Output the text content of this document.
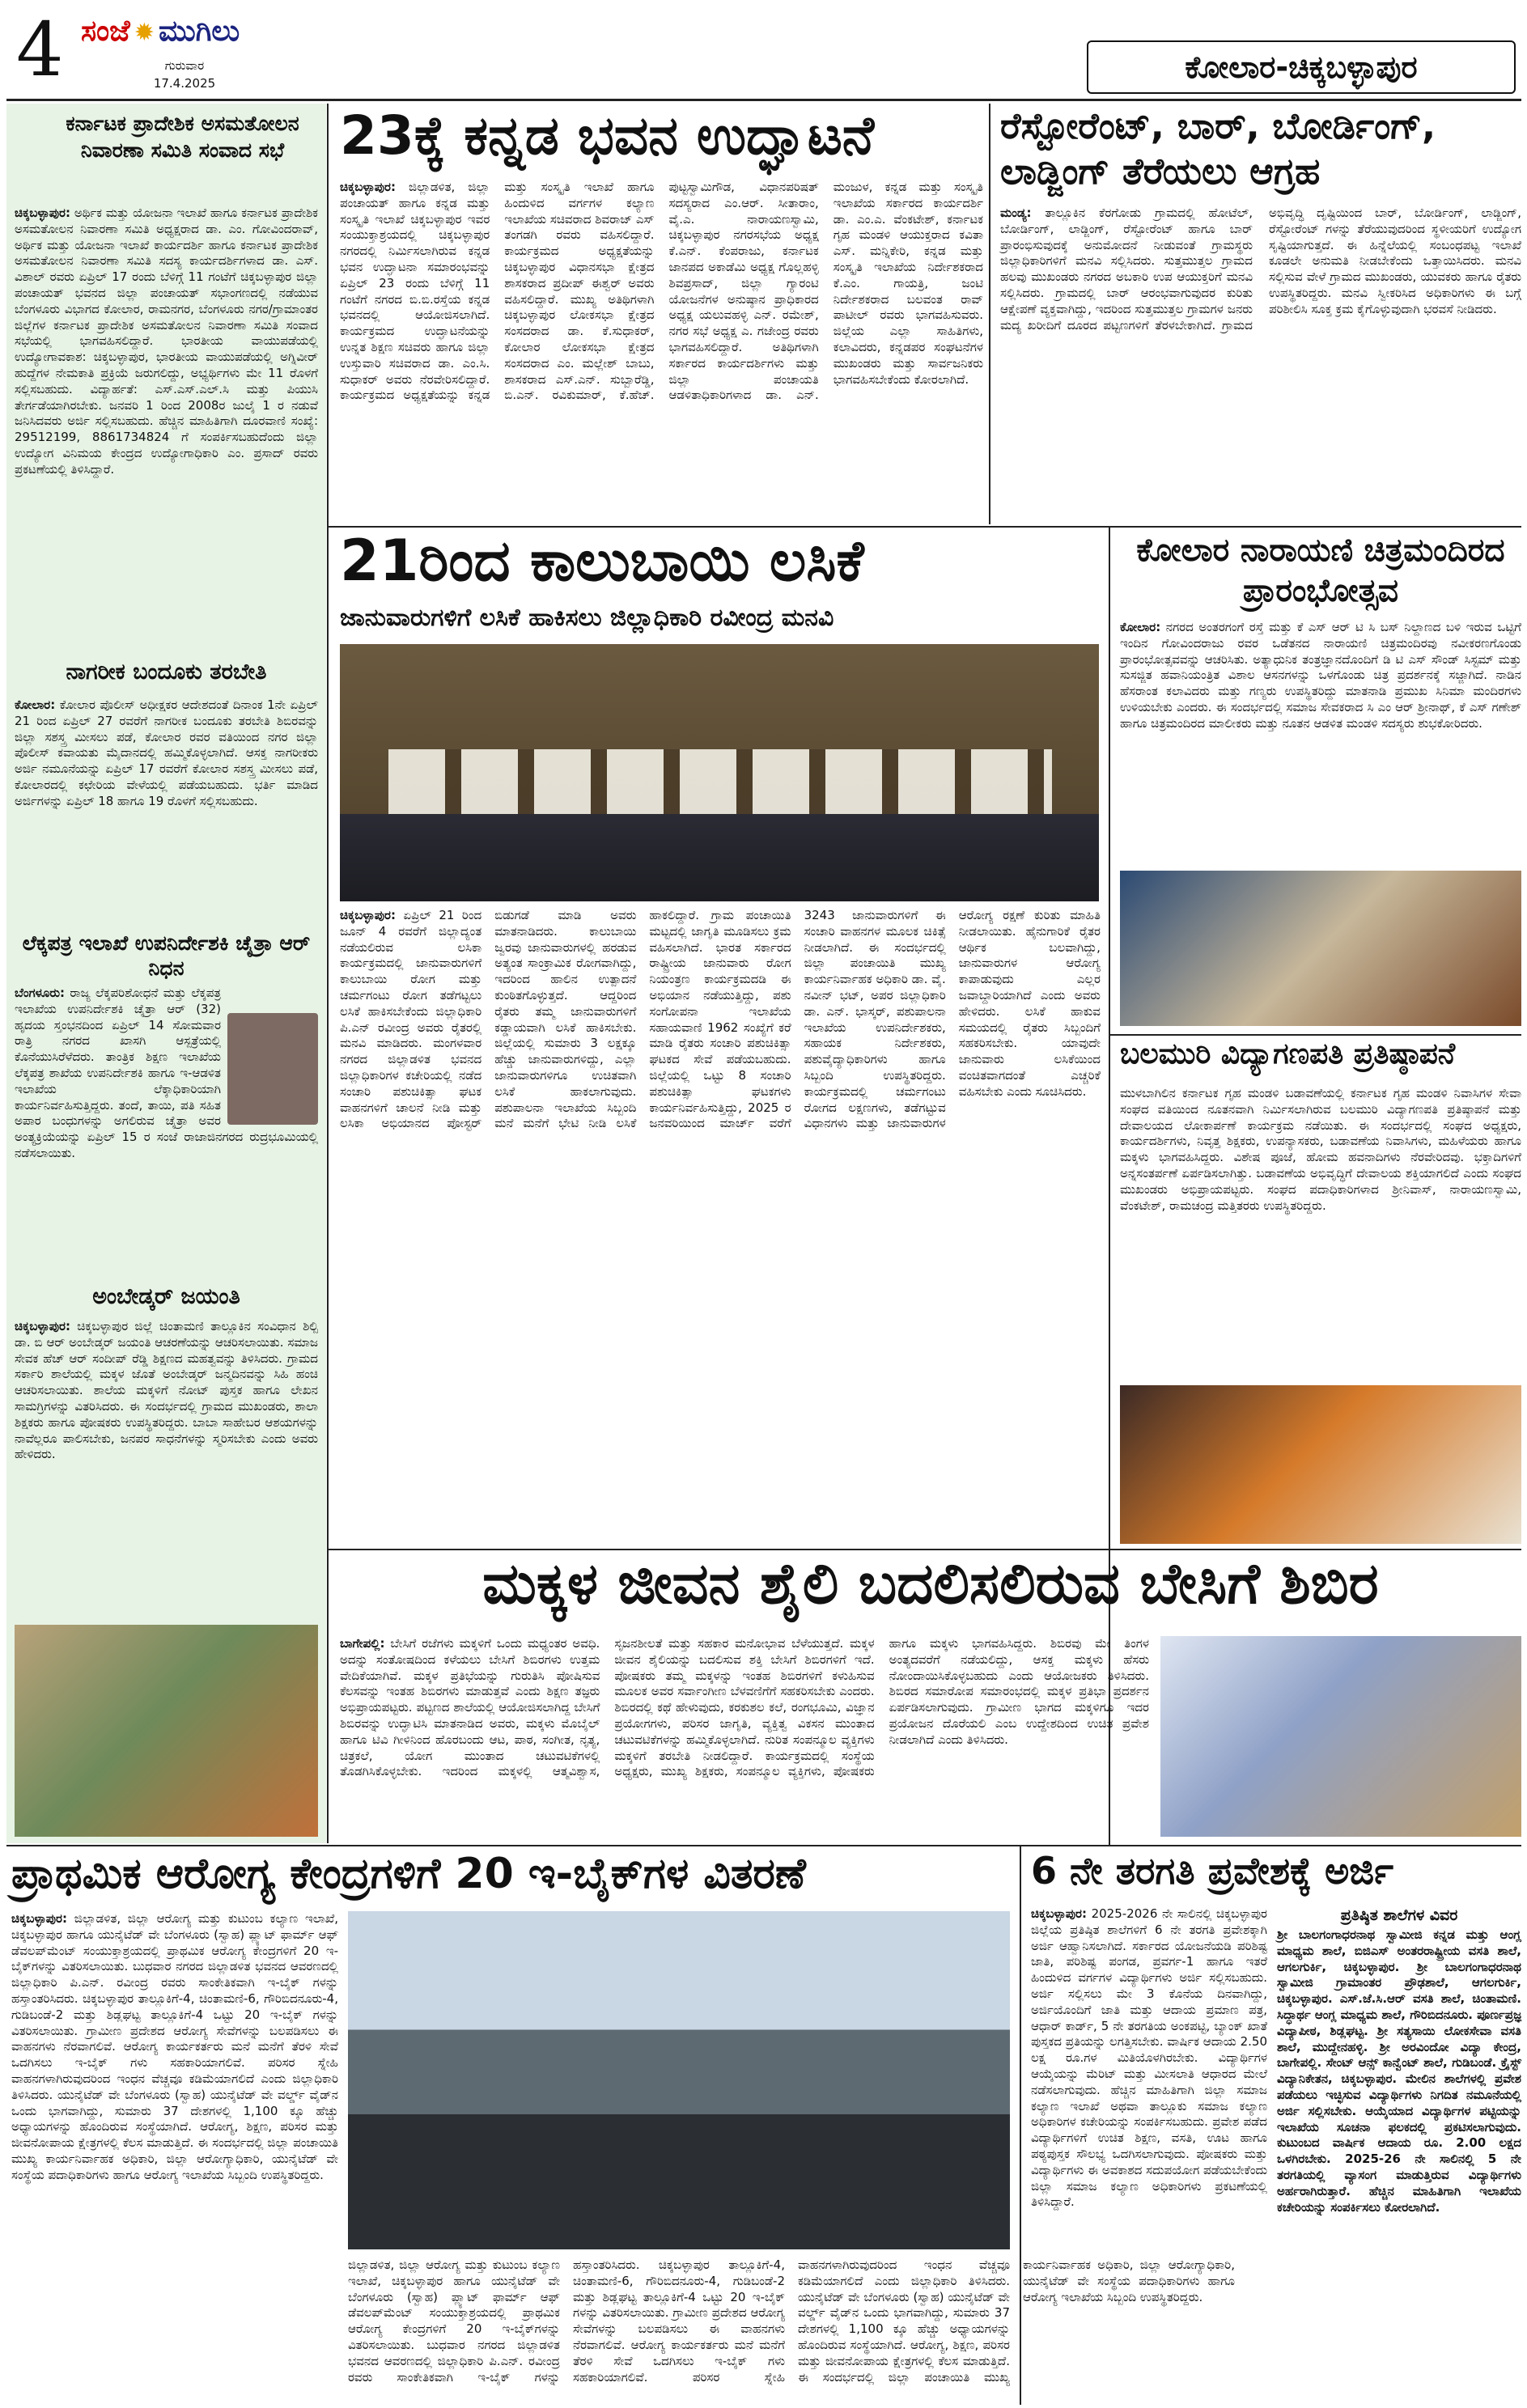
4 ಸಂಜೆ ✹ ಮುಗಿಲು
ಗುರುವಾರ
17.4.2025	ಕೋಲಾರ-ಚಿಕ್ಕಬಳ್ಳಾಪುರ
ಕರ್ನಾಟಕ ಪ್ರಾದೇಶಿಕ ಅಸಮತೋಲನ ನಿವಾರಣಾ ಸಮಿತಿ ಸಂವಾದ ಸಭೆ
ಚಿಕ್ಕಬಳ್ಳಾಪುರ: ಅರ್ಥಿಕ ಮತ್ತು ಯೋಜನಾ ಇಲಾಖೆ ಹಾಗೂ ಕರ್ನಾಟಕ ಪ್ರಾದೇಶಿಕ ಅಸಮತೋಲನ ನಿವಾರಣಾ ಸಮಿತಿ ಅಧ್ಯಕ್ಷರಾದ ಡಾ. ಎಂ. ಗೋವಿಂದರಾವ್, ಅರ್ಥಿಕ ಮತ್ತು ಯೋಜನಾ ಇಲಾಖೆ ಕಾರ್ಯದರ್ಶಿ ಹಾಗೂ ಕರ್ನಾಟಕ ಪ್ರಾದೇಶಿಕ ಅಸಮತೋಲನ ನಿವಾರಣಾ ಸಮಿತಿ ಸದಸ್ಯ ಕಾರ್ಯದರ್ಶಿಗಳಾದ ಡಾ. ಎಸ್. ವಿಶಾಲ್ ರವರು ಏಪ್ರಿಲ್ 17 ರಂದು ಬೆಳಿಗ್ಗೆ 11 ಗಂಟೆಗೆ ಚಿಕ್ಕಬಳ್ಳಾಪುರ ಜಿಲ್ಲಾ ಪಂಚಾಯತ್ ಭವನದ ಜಿಲ್ಲಾ ಪಂಚಾಯತ್ ಸಭಾಂಗಣದಲ್ಲಿ ನಡೆಯುವ ಬೆಂಗಳೂರು ವಿಭಾಗದ ಕೋಲಾರ, ರಾಮನಗರ, ಬೆಂಗಳೂರು ನಗರ/ಗ್ರಾಮಾಂತರ ಜಿಲ್ಲೆಗಳ ಕರ್ನಾಟಕ ಪ್ರಾದೇಶಿಕ ಅಸಮತೋಲನ ನಿವಾರಣಾ ಸಮಿತಿ ಸಂವಾದ ಸಭೆಯಲ್ಲಿ ಭಾಗವಹಿಸಲಿದ್ದಾರೆ. ಭಾರತೀಯ ವಾಯುಪಡೆಯಲ್ಲಿ ಉದ್ಯೋಗಾವಕಾಶ: ಚಿಕ್ಕಬಳ್ಳಾಪುರ, ಭಾರತೀಯ ವಾಯುಪಡೆಯಲ್ಲಿ ಅಗ್ನಿವೀರ್ ಹುದ್ದೆಗಳ ನೇಮಕಾತಿ ಪ್ರಕ್ರಿಯೆ ಜರುಗಲಿದ್ದು, ಅಭ್ಯರ್ಥಿಗಳು ಮೇ 11 ರೊಳಗೆ ಸಲ್ಲಿಸಬಹುದು. ವಿದ್ಯಾರ್ಹತೆ: ಎಸ್.ಎಸ್.ಎಲ್.ಸಿ ಮತ್ತು ಪಿಯುಸಿ ತೇರ್ಗಡೆಯಾಗಿರಬೇಕು. ಜನವರಿ 1 ರಿಂದ 2008ರ ಜುಲೈ 1 ರ ನಡುವೆ ಜನಿಸಿದವರು ಅರ್ಜಿ ಸಲ್ಲಿಸಬಹುದು. ಹೆಚ್ಚಿನ ಮಾಹಿತಿಗಾಗಿ ದೂರವಾಣಿ ಸಂಖ್ಯೆ: 29512199, 8861734824 ಗೆ ಸಂಪರ್ಕಿಸಬಹುದೆಂದು ಜಿಲ್ಲಾ ಉದ್ಯೋಗ ವಿನಿಮಯ ಕೇಂದ್ರದ ಉದ್ಯೋಗಾಧಿಕಾರಿ ಎಂ. ಪ್ರಸಾದ್ ರವರು ಪ್ರಕಟಣೆಯಲ್ಲಿ ತಿಳಿಸಿದ್ದಾರೆ.
ನಾಗರೀಕ ಬಂದೂಕು ತರಬೇತಿ
ಕೋಲಾರ: ಕೋಲಾರ ಪೊಲೀಸ್ ಅಧೀಕ್ಷಕರ ಆದೇಶದಂತೆ ದಿನಾಂಕ 1ನೇ ಏಪ್ರಿಲ್ 21 ರಿಂದ ಏಪ್ರಿಲ್ 27 ರವರೆಗೆ ನಾಗರೀಕ ಬಂದೂಕು ತರಬೇತಿ ಶಿಬಿರವನ್ನು ಜಿಲ್ಲಾ ಸಶಸ್ತ್ರ ಮೀಸಲು ಪಡೆ, ಕೋಲಾರ ರವರ ವತಿಯಿಂದ ನಗರ ಜಿಲ್ಲಾ ಪೊಲೀಸ್ ಕವಾಯತು ಮೈದಾನದಲ್ಲಿ ಹಮ್ಮಿಕೊಳ್ಳಲಾಗಿದೆ. ಆಸಕ್ತ ನಾಗರೀಕರು ಅರ್ಜಿ ನಮೂನೆಯನ್ನು ಏಪ್ರಿಲ್ 17 ರವರೆಗೆ ಕೋಲಾರ ಸಶಸ್ತ್ರ ಮೀಸಲು ಪಡೆ, ಕೋಲಾರದಲ್ಲಿ ಕಛೇರಿಯ ವೇಳೆಯಲ್ಲಿ ಪಡೆಯಬಹುದು. ಭರ್ತಿ ಮಾಡಿದ ಅರ್ಜಿಗಳನ್ನು ಏಪ್ರಿಲ್ 18 ಹಾಗೂ 19 ರೊಳಗೆ ಸಲ್ಲಿಸಬಹುದು.
ಲೆಕ್ಕಪತ್ರ ಇಲಾಖೆ ಉಪನಿರ್ದೇಶಕಿ ಚೈತ್ರಾ ಆರ್ ನಿಧನ
ಬೆಂಗಳೂರು: ರಾಜ್ಯ ಲೆಕ್ಕಪರಿಶೋಧನೆ ಮತ್ತು ಲೆಕ್ಕಪತ್ರ ಇಲಾಖೆಯ ಉಪನಿರ್ದೇಶಕಿ ಚೈತ್ರಾ ಆರ್ (32) ಹೃದಯ ಸ್ತಂಭನದಿಂದ ಏಪ್ರಿಲ್ 14 ಸೋಮವಾರ ರಾತ್ರಿ ನಗರದ ಖಾಸಗಿ ಆಸ್ಪತ್ರೆಯಲ್ಲಿ ಕೊನೆಯುಸಿರೆಳೆದರು. ತಾಂತ್ರಿಕ ಶಿಕ್ಷಣ ಇಲಾಖೆಯ ಲೆಕ್ಕಪತ್ರ ಶಾಖೆಯ ಉಪನಿರ್ದೇಶಕಿ ಹಾಗೂ ಇ-ಆಡಳಿತ ಇಲಾಖೆಯ ಲೆಕ್ಕಾಧಿಕಾರಿಯಾಗಿ ಕಾರ್ಯನಿರ್ವಹಿಸುತ್ತಿದ್ದರು. ತಂದೆ, ತಾಯಿ, ಪತಿ ಸಹಿತ ಅಪಾರ ಬಂಧುಗಳನ್ನು ಅಗಲಿರುವ ಚೈತ್ರಾ ಅವರ ಅಂತ್ಯಕ್ರಿಯೆಯನ್ನು ಏಪ್ರಿಲ್ 15 ರ ಸಂಜೆ ರಾಜಾಜಿನಗರದ ರುದ್ರಭೂಮಿಯಲ್ಲಿ ನಡೆಸಲಾಯಿತು.
ಅಂಬೇಡ್ಕರ್ ಜಯಂತಿ
ಚಿಕ್ಕಬಳ್ಳಾಪುರ: ಚಿಕ್ಕಬಳ್ಳಾಪುರ ಜಿಲ್ಲೆ ಚಿಂತಾಮಣಿ ತಾಲ್ಲೂಕಿನ ಸಂವಿಧಾನ ಶಿಲ್ಪಿ ಡಾ. ಬಿ ಆರ್ ಅಂಬೇಡ್ಕರ್ ಜಯಂತಿ ಆಚರಣೆಯನ್ನು ಆಚರಿಸಲಾಯಿತು. ಸಮಾಜ ಸೇವಕ ಹೆಚ್ ಆರ್ ಸಂದೀಪ್ ರೆಡ್ಡಿ ಶಿಕ್ಷಣದ ಮಹತ್ವವನ್ನು ತಿಳಿಸಿದರು. ಗ್ರಾಮದ ಸರ್ಕಾರಿ ಶಾಲೆಯಲ್ಲಿ ಮಕ್ಕಳ ಜೊತೆ ಅಂಬೇಡ್ಕರ್ ಜನ್ಮದಿನವನ್ನು ಸಿಹಿ ಹಂಚಿ ಆಚರಿಸಲಾಯಿತು. ಶಾಲೆಯ ಮಕ್ಕಳಿಗೆ ನೋಟ್ ಪುಸ್ತಕ ಹಾಗೂ ಲೇಖನ ಸಾಮಗ್ರಿಗಳನ್ನು ವಿತರಿಸಿದರು. ಈ ಸಂದರ್ಭದಲ್ಲಿ ಗ್ರಾಮದ ಮುಖಂಡರು, ಶಾಲಾ ಶಿಕ್ಷಕರು ಹಾಗೂ ಪೋಷಕರು ಉಪಸ್ಥಿತರಿದ್ದರು. ಬಾಬಾ ಸಾಹೇಬರ ಆಶಯಗಳನ್ನು ನಾವೆಲ್ಲರೂ ಪಾಲಿಸಬೇಕು, ಜನಪರ ಸಾಧನೆಗಳನ್ನು ಸ್ಮರಿಸಬೇಕು ಎಂದು ಅವರು ಹೇಳಿದರು.
23ಕ್ಕೆ ಕನ್ನಡ ಭವನ ಉದ್ಘಾಟನೆ
ಚಿಕ್ಕಬಳ್ಳಾಪುರ: ಜಿಲ್ಲಾಡಳಿತ, ಜಿಲ್ಲಾ ಪಂಚಾಯತ್ ಹಾಗೂ ಕನ್ನಡ ಮತ್ತು ಸಂಸ್ಕೃತಿ ಇಲಾಖೆ ಚಿಕ್ಕಬಳ್ಳಾಪುರ ಇವರ ಸಂಯುಕ್ತಾಶ್ರಯದಲ್ಲಿ ಚಿಕ್ಕಬಳ್ಳಾಪುರ ನಗರದಲ್ಲಿ ನಿರ್ಮಿಸಲಾಗಿರುವ ಕನ್ನಡ ಭವನ ಉದ್ಘಾಟನಾ ಸಮಾರಂಭವನ್ನು ಏಪ್ರಿಲ್ 23 ರಂದು ಬೆಳಿಗ್ಗೆ 11 ಗಂಟೆಗೆ ನಗರದ ಬಿ.ಬಿ.ರಸ್ತೆಯ ಕನ್ನಡ ಭವನದಲ್ಲಿ ಆಯೋಜಿಸಲಾಗಿದೆ. ಕಾರ್ಯಕ್ರಮದ ಉದ್ಘಾಟನೆಯನ್ನು ಉನ್ನತ ಶಿಕ್ಷಣ ಸಚಿವರು ಹಾಗೂ ಜಿಲ್ಲಾ ಉಸ್ತುವಾರಿ ಸಚಿವರಾದ ಡಾ. ಎಂ.ಸಿ. ಸುಧಾಕರ್ ಅವರು ನೆರವೇರಿಸಲಿದ್ದಾರೆ. ಕಾರ್ಯಕ್ರಮದ ಅಧ್ಯಕ್ಷತೆಯನ್ನು ಕನ್ನಡ ಮತ್ತು ಸಂಸ್ಕೃತಿ ಇಲಾಖೆ ಹಾಗೂ ಹಿಂದುಳಿದ ವರ್ಗಗಳ ಕಲ್ಯಾಣ ಇಲಾಖೆಯ ಸಚಿವರಾದ ಶಿವರಾಜ್ ಎಸ್ ತಂಗಡಗಿ ರವರು ವಹಿಸಲಿದ್ದಾರೆ. ಕಾರ್ಯಕ್ರಮದ ಅಧ್ಯಕ್ಷತೆಯನ್ನು ಚಿಕ್ಕಬಳ್ಳಾಪುರ ವಿಧಾನಸಭಾ ಕ್ಷೇತ್ರದ ಶಾಸಕರಾದ ಪ್ರದೀಪ್ ಈಶ್ವರ್ ಅವರು ವಹಿಸಲಿದ್ದಾರೆ. ಮುಖ್ಯ ಅತಿಥಿಗಳಾಗಿ ಚಿಕ್ಕಬಳ್ಳಾಪುರ ಲೋಕಸಭಾ ಕ್ಷೇತ್ರದ ಸಂಸದರಾದ ಡಾ. ಕೆ.ಸುಧಾಕರ್, ಕೋಲಾರ ಲೋಕಸಭಾ ಕ್ಷೇತ್ರದ ಸಂಸದರಾದ ಎಂ. ಮಲ್ಲೇಶ್ ಬಾಬು, ಶಾಸಕರಾದ ಎಸ್.ಎನ್. ಸುಬ್ಬಾರೆಡ್ಡಿ, ಬಿ.ಎನ್. ರವಿಕುಮಾರ್, ಕೆ.ಹೆಚ್. ಪುಟ್ಟಸ್ವಾಮಿಗೌಡ, ವಿಧಾನಪರಿಷತ್ ಸದಸ್ಯರಾದ ಎಂ.ಆರ್. ಸೀತಾರಾಂ, ವೈ.ಎ. ನಾರಾಯಣಸ್ವಾಮಿ, ಚಿಕ್ಕಬಳ್ಳಾಪುರ ನಗರಸಭೆಯ ಅಧ್ಯಕ್ಷ ಕೆ.ಎನ್. ಕೆಂಪರಾಜು, ಕರ್ನಾಟಕ ಜಾನಪದ ಅಕಾಡೆಮಿ ಅಧ್ಯಕ್ಷ ಗೊಲ್ಲಹಳ್ಳಿ ಶಿವಪ್ರಸಾದ್, ಜಿಲ್ಲಾ ಗ್ಯಾರಂಟಿ ಯೋಜನೆಗಳ ಅನುಷ್ಠಾನ ಪ್ರಾಧಿಕಾರದ ಅಧ್ಯಕ್ಷ ಯಲುವಹಳ್ಳಿ ಎನ್. ರಮೇಶ್, ನಗರ ಸಭೆ ಅಧ್ಯಕ್ಷ ಎ. ಗಜೇಂದ್ರ ರವರು ಭಾಗವಹಿಸಲಿದ್ದಾರೆ. ಅತಿಥಿಗಳಾಗಿ ಸರ್ಕಾರದ ಕಾರ್ಯದರ್ಶಿಗಳು ಮತ್ತು ಜಿಲ್ಲಾ ಪಂಚಾಯತಿ ಆಡಳಿತಾಧಿಕಾರಿಗಳಾದ ಡಾ. ಎನ್. ಮಂಜುಳ, ಕನ್ನಡ ಮತ್ತು ಸಂಸ್ಕೃತಿ ಇಲಾಖೆಯ ಸರ್ಕಾರದ ಕಾರ್ಯದರ್ಶಿ ಡಾ. ಎಂ.ಎ. ವೆಂಕಟೇಶ್, ಕರ್ನಾಟಕ ಗೃಹ ಮಂಡಳಿ ಆಯುಕ್ತರಾದ ಕವಿತಾ ಎಸ್. ಮನ್ನಿಕೇರಿ, ಕನ್ನಡ ಮತ್ತು ಸಂಸ್ಕೃತಿ ಇಲಾಖೆಯ ನಿರ್ದೇಶಕರಾದ ಕೆ.ಎಂ. ಗಾಯತ್ರಿ, ಜಂಟಿ ನಿರ್ದೇಶಕರಾದ ಬಲವಂತ ರಾವ್ ಪಾಟೀಲ್ ರವರು ಭಾಗವಹಿಸುವರು. ಜಿಲ್ಲೆಯ ಎಲ್ಲಾ ಸಾಹಿತಿಗಳು, ಕಲಾವಿದರು, ಕನ್ನಡಪರ ಸಂಘಟನೆಗಳ ಮುಖಂಡರು ಮತ್ತು ಸಾರ್ವಜನಿಕರು ಭಾಗವಹಿಸಬೇಕೆಂದು ಕೋರಲಾಗಿದೆ.
ರೆಸ್ಟೋರೆಂಟ್, ಬಾರ್, ಬೋರ್ಡಿಂಗ್, ಲಾಡ್ಜಿಂಗ್ ತೆರೆಯಲು ಆಗ್ರಹ
ಮಂಡ್ಯ: ತಾಲ್ಲೂಕಿನ ಕೆರಗೋಡು ಗ್ರಾಮದಲ್ಲಿ ಹೋಟೆಲ್, ಬೋರ್ಡಿಂಗ್, ಲಾಡ್ಜಿಂಗ್, ರೆಸ್ಟೋರೆಂಟ್ ಹಾಗೂ ಬಾರ್ ಪ್ರಾರಂಭಿಸುವುದಕ್ಕೆ ಅನುಮೋದನೆ ನೀಡುವಂತೆ ಗ್ರಾಮಸ್ಥರು ಜಿಲ್ಲಾಧಿಕಾರಿಗಳಿಗೆ ಮನವಿ ಸಲ್ಲಿಸಿದರು. ಸುತ್ತಮುತ್ತಲ ಗ್ರಾಮದ ಹಲವು ಮುಖಂಡರು ನಗರದ ಅಬಕಾರಿ ಉಪ ಆಯುಕ್ತರಿಗೆ ಮನವಿ ಸಲ್ಲಿಸಿದರು. ಗ್ರಾಮದಲ್ಲಿ ಬಾರ್ ಆರಂಭವಾಗುವುದರ ಕುರಿತು ಆಕ್ಷೇಪಣೆ ವ್ಯಕ್ತವಾಗಿದ್ದು, ಇದರಿಂದ ಸುತ್ತಮುತ್ತಲ ಗ್ರಾಮಗಳ ಜನರು ಮದ್ಯ ಖರೀದಿಗೆ ದೂರದ ಪಟ್ಟಣಗಳಿಗೆ ತೆರಳಬೇಕಾಗಿದೆ. ಗ್ರಾಮದ ಅಭಿವೃದ್ಧಿ ದೃಷ್ಟಿಯಿಂದ ಬಾರ್, ಬೋರ್ಡಿಂಗ್, ಲಾಡ್ಜಿಂಗ್, ರೆಸ್ಟೋರೆಂಟ್ ಗಳನ್ನು ತೆರೆಯುವುದರಿಂದ ಸ್ಥಳೀಯರಿಗೆ ಉದ್ಯೋಗ ಸೃಷ್ಟಿಯಾಗುತ್ತದೆ. ಈ ಹಿನ್ನೆಲೆಯಲ್ಲಿ ಸಂಬಂಧಪಟ್ಟ ಇಲಾಖೆ ಕೂಡಲೇ ಅನುಮತಿ ನೀಡಬೇಕೆಂದು ಒತ್ತಾಯಿಸಿದರು. ಮನವಿ ಸಲ್ಲಿಸುವ ವೇಳೆ ಗ್ರಾಮದ ಮುಖಂಡರು, ಯುವಕರು ಹಾಗೂ ರೈತರು ಉಪಸ್ಥಿತರಿದ್ದರು. ಮನವಿ ಸ್ವೀಕರಿಸಿದ ಅಧಿಕಾರಿಗಳು ಈ ಬಗ್ಗೆ ಪರಿಶೀಲಿಸಿ ಸೂಕ್ತ ಕ್ರಮ ಕೈಗೊಳ್ಳುವುದಾಗಿ ಭರವಸೆ ನೀಡಿದರು.
21ರಿಂದ ಕಾಲುಬಾಯಿ ಲಸಿಕೆ
ಜಾನುವಾರುಗಳಿಗೆ ಲಸಿಕೆ ಹಾಕಿಸಲು ಜಿಲ್ಲಾಧಿಕಾರಿ ರವೀಂದ್ರ ಮನವಿ
ಚಿಕ್ಕಬಳ್ಳಾಪುರ: ಏಪ್ರಿಲ್ 21 ರಿಂದ ಜೂನ್ 4 ರವರೆಗೆ ಜಿಲ್ಲಾದ್ಯಂತ ನಡೆಯಲಿರುವ ಲಸಿಕಾ ಕಾರ್ಯಕ್ರಮದಲ್ಲಿ ಜಾನುವಾರುಗಳಿಗೆ ಕಾಲುಬಾಯಿ ರೋಗ ಮತ್ತು ಚರ್ಮಗಂಟು ರೋಗ ತಡೆಗಟ್ಟಲು ಲಸಿಕೆ ಹಾಕಿಸಬೇಕೆಂದು ಜಿಲ್ಲಾಧಿಕಾರಿ ಪಿ.ಎನ್ ರವೀಂದ್ರ ಅವರು ರೈತರಲ್ಲಿ ಮನವಿ ಮಾಡಿದರು. ಮಂಗಳವಾರ ನಗರದ ಜಿಲ್ಲಾಡಳಿತ ಭವನದ ಜಿಲ್ಲಾಧಿಕಾರಿಗಳ ಕಚೇರಿಯಲ್ಲಿ ನಡೆದ ಸಂಚಾರಿ ಪಶುಚಿಕಿತ್ಸಾ ಘಟಕ ವಾಹನಗಳಿಗೆ ಚಾಲನೆ ನೀಡಿ ಮತ್ತು ಲಸಿಕಾ ಅಭಿಯಾನದ ಪೋಸ್ಟರ್ ಬಿಡುಗಡೆ ಮಾಡಿ ಅವರು ಮಾತನಾಡಿದರು. ಕಾಲುಬಾಯಿ ಜ್ವರವು ಜಾನುವಾರುಗಳಲ್ಲಿ ಹರಡುವ ಅತ್ಯಂತ ಸಾಂಕ್ರಾಮಿಕ ರೋಗವಾಗಿದ್ದು, ಇದರಿಂದ ಹಾಲಿನ ಉತ್ಪಾದನೆ ಕುಂಠಿತಗೊಳ್ಳುತ್ತದೆ. ಆದ್ದರಿಂದ ರೈತರು ತಮ್ಮ ಜಾನುವಾರುಗಳಿಗೆ ಕಡ್ಡಾಯವಾಗಿ ಲಸಿಕೆ ಹಾಕಿಸಬೇಕು. ಜಿಲ್ಲೆಯಲ್ಲಿ ಸುಮಾರು 3 ಲಕ್ಷಕ್ಕೂ ಹೆಚ್ಚು ಜಾನುವಾರುಗಳಿದ್ದು, ಎಲ್ಲಾ ಜಾನುವಾರುಗಳಿಗೂ ಉಚಿತವಾಗಿ ಲಸಿಕೆ ಹಾಕಲಾಗುವುದು. ಪಶುಪಾಲನಾ ಇಲಾಖೆಯ ಸಿಬ್ಬಂದಿ ಮನೆ ಮನೆಗೆ ಭೇಟಿ ನೀಡಿ ಲಸಿಕೆ ಹಾಕಲಿದ್ದಾರೆ. ಗ್ರಾಮ ಪಂಚಾಯಿತಿ ಮಟ್ಟದಲ್ಲಿ ಜಾಗೃತಿ ಮೂಡಿಸಲು ಕ್ರಮ ವಹಿಸಲಾಗಿದೆ. ಭಾರತ ಸರ್ಕಾರದ ರಾಷ್ಟ್ರೀಯ ಜಾನುವಾರು ರೋಗ ನಿಯಂತ್ರಣ ಕಾರ್ಯಕ್ರಮದಡಿ ಈ ಅಭಿಯಾನ ನಡೆಯುತ್ತಿದ್ದು, ಪಶು ಸಂಗೋಪನಾ ಇಲಾಖೆಯ ಸಹಾಯವಾಣಿ 1962 ಸಂಖ್ಯೆಗೆ ಕರೆ ಮಾಡಿ ರೈತರು ಸಂಚಾರಿ ಪಶುಚಿಕಿತ್ಸಾ ಘಟಕದ ಸೇವೆ ಪಡೆಯಬಹುದು. ಜಿಲ್ಲೆಯಲ್ಲಿ ಒಟ್ಟು 8 ಸಂಚಾರಿ ಪಶುಚಿಕಿತ್ಸಾ ಘಟಕಗಳು ಕಾರ್ಯನಿರ್ವಹಿಸುತ್ತಿದ್ದು, 2025 ರ ಜನವರಿಯಿಂದ ಮಾರ್ಚ್ ವರೆಗೆ 3243 ಜಾನುವಾರುಗಳಿಗೆ ಈ ಸಂಚಾರಿ ವಾಹನಗಳ ಮೂಲಕ ಚಿಕಿತ್ಸೆ ನೀಡಲಾಗಿದೆ. ಈ ಸಂದರ್ಭದಲ್ಲಿ ಜಿಲ್ಲಾ ಪಂಚಾಯಿತಿ ಮುಖ್ಯ ಕಾರ್ಯನಿರ್ವಾಹಕ ಅಧಿಕಾರಿ ಡಾ. ವೈ. ನವೀನ್ ಭಟ್, ಅಪರ ಜಿಲ್ಲಾಧಿಕಾರಿ ಡಾ. ಎನ್. ಭಾಸ್ಕರ್, ಪಶುಪಾಲನಾ ಇಲಾಖೆಯ ಉಪನಿರ್ದೇಶಕರು, ಸಹಾಯಕ ನಿರ್ದೇಶಕರು, ಪಶುವೈದ್ಯಾಧಿಕಾರಿಗಳು ಹಾಗೂ ಸಿಬ್ಬಂದಿ ಉಪಸ್ಥಿತರಿದ್ದರು. ಕಾರ್ಯಕ್ರಮದಲ್ಲಿ ಚರ್ಮಗಂಟು ರೋಗದ ಲಕ್ಷಣಗಳು, ತಡೆಗಟ್ಟುವ ವಿಧಾನಗಳು ಮತ್ತು ಜಾನುವಾರುಗಳ ಆರೋಗ್ಯ ರಕ್ಷಣೆ ಕುರಿತು ಮಾಹಿತಿ ನೀಡಲಾಯಿತು. ಹೈನುಗಾರಿಕೆ ರೈತರ ಆರ್ಥಿಕ ಬಲವಾಗಿದ್ದು, ಜಾನುವಾರುಗಳ ಆರೋಗ್ಯ ಕಾಪಾಡುವುದು ಎಲ್ಲರ ಜವಾಬ್ದಾರಿಯಾಗಿದೆ ಎಂದು ಅವರು ಹೇಳಿದರು. ಲಸಿಕೆ ಹಾಕುವ ಸಮಯದಲ್ಲಿ ರೈತರು ಸಿಬ್ಬಂದಿಗೆ ಸಹಕರಿಸಬೇಕು. ಯಾವುದೇ ಜಾನುವಾರು ಲಸಿಕೆಯಿಂದ ವಂಚಿತವಾಗದಂತೆ ಎಚ್ಚರಿಕೆ ವಹಿಸಬೇಕು ಎಂದು ಸೂಚಿಸಿದರು.
ಕೋಲಾರ ನಾರಾಯಣಿ ಚಿತ್ರಮಂದಿರದ ಪ್ರಾರಂಭೋತ್ಸವ
ಕೋಲಾರ: ನಗರದ ಅಂತರಗಂಗೆ ರಸ್ತೆ ಮತ್ತು ಕೆ ಎಸ್ ಆರ್ ಟಿ ಸಿ ಬಸ್ ನಿಲ್ದಾಣದ ಬಳಿ ಇರುವ ಒಟ್ಟಿಗೆ ಇಂದಿನ ಗೋವಿಂದರಾಜು ರವರ ಒಡೆತನದ ನಾರಾಯಣಿ ಚಿತ್ರಮಂದಿರವು ನವೀಕರಣಗೊಂಡು ಪ್ರಾರಂಭೋತ್ಸವವನ್ನು ಆಚರಿಸಿತು. ಅತ್ಯಾಧುನಿಕ ತಂತ್ರಜ್ಞಾನದೊಂದಿಗೆ ಡಿ ಟಿ ಎಸ್ ಸೌಂಡ್ ಸಿಸ್ಟಮ್ ಮತ್ತು ಸುಸಜ್ಜಿತ ಹವಾನಿಯಂತ್ರಿತ ವಿಶಾಲ ಆಸನಗಳನ್ನು ಒಳಗೊಂಡು ಚಿತ್ರ ಪ್ರದರ್ಶನಕ್ಕೆ ಸಜ್ಜಾಗಿದೆ. ನಾಡಿನ ಹೆಸರಾಂತ ಕಲಾವಿದರು ಮತ್ತು ಗಣ್ಯರು ಉಪಸ್ಥಿತರಿದ್ದು ಮಾತನಾಡಿ ಪ್ರಮುಖ ಸಿನಿಮಾ ಮಂದಿರಗಳು ಉಳಿಯಬೇಕು ಎಂದರು. ಈ ಸಂದರ್ಭದಲ್ಲಿ ಸಮಾಜ ಸೇವಕರಾದ ಸಿ ಎಂ ಆರ್ ಶ್ರೀನಾಥ್, ಕೆ ಎಸ್ ಗಣೇಶ್ ಹಾಗೂ ಚಿತ್ರಮಂದಿರದ ಮಾಲೀಕರು ಮತ್ತು ನೂತನ ಆಡಳಿತ ಮಂಡಳಿ ಸದಸ್ಯರು ಶುಭಕೋರಿದರು.
ಬಲಮುರಿ ವಿದ್ಯಾಗಣಪತಿ ಪ್ರತಿಷ್ಠಾಪನೆ
ಮುಳಬಾಗಿಲಿನ ಕರ್ನಾಟಕ ಗೃಹ ಮಂಡಳಿ ಬಡಾವಣೆಯಲ್ಲಿ ಕರ್ನಾಟಕ ಗೃಹ ಮಂಡಳಿ ನಿವಾಸಿಗಳ ಸೇವಾ ಸಂಘದ ವತಿಯಿಂದ ನೂತನವಾಗಿ ನಿರ್ಮಿಸಲಾಗಿರುವ ಬಲಮುರಿ ವಿದ್ಯಾಗಣಪತಿ ಪ್ರತಿಷ್ಠಾಪನೆ ಮತ್ತು ದೇವಾಲಯದ ಲೋಕಾರ್ಪಣೆ ಕಾರ್ಯಕ್ರಮ ನಡೆಯಿತು. ಈ ಸಂದರ್ಭದಲ್ಲಿ ಸಂಘದ ಅಧ್ಯಕ್ಷರು, ಕಾರ್ಯದರ್ಶಿಗಳು, ನಿವೃತ್ತ ಶಿಕ್ಷಕರು, ಉಪನ್ಯಾಸಕರು, ಬಡಾವಣೆಯ ನಿವಾಸಿಗಳು, ಮಹಿಳೆಯರು ಹಾಗೂ ಮಕ್ಕಳು ಭಾಗವಹಿಸಿದ್ದರು. ವಿಶೇಷ ಪೂಜೆ, ಹೋಮ ಹವನಾದಿಗಳು ನೆರವೇರಿದವು. ಭಕ್ತಾದಿಗಳಿಗೆ ಅನ್ನಸಂತರ್ಪಣೆ ಏರ್ಪಡಿಸಲಾಗಿತ್ತು. ಬಡಾವಣೆಯ ಅಭಿವೃದ್ಧಿಗೆ ದೇವಾಲಯ ಶಕ್ತಿಯಾಗಲಿದೆ ಎಂದು ಸಂಘದ ಮುಖಂಡರು ಅಭಿಪ್ರಾಯಪಟ್ಟರು. ಸಂಘದ ಪದಾಧಿಕಾರಿಗಳಾದ ಶ್ರೀನಿವಾಸ್, ನಾರಾಯಣಸ್ವಾಮಿ, ವೆಂಕಟೇಶ್, ರಾಮಚಂದ್ರ ಮತ್ತಿತರರು ಉಪಸ್ಥಿತರಿದ್ದರು.
ಮಕ್ಕಳ ಜೀವನ ಶೈಲಿ ಬದಲಿಸಲಿರುವ ಬೇಸಿಗೆ ಶಿಬಿರ
ಬಾಗೇಪಲ್ಲಿ: ಬೇಸಿಗೆ ರಜೆಗಳು ಮಕ್ಕಳಿಗೆ ಒಂದು ಮಧ್ಯಂತರ ಅವಧಿ. ಅದನ್ನು ಸಂತೋಷದಿಂದ ಕಳೆಯಲು ಬೇಸಿಗೆ ಶಿಬಿರಗಳು ಉತ್ತಮ ವೇದಿಕೆಯಾಗಿವೆ. ಮಕ್ಕಳ ಪ್ರತಿಭೆಯನ್ನು ಗುರುತಿಸಿ ಪೋಷಿಸುವ ಕೆಲಸವನ್ನು ಇಂತಹ ಶಿಬಿರಗಳು ಮಾಡುತ್ತವೆ ಎಂದು ಶಿಕ್ಷಣ ತಜ್ಞರು ಅಭಿಪ್ರಾಯಪಟ್ಟರು. ಪಟ್ಟಣದ ಶಾಲೆಯಲ್ಲಿ ಆಯೋಜಿಸಲಾಗಿದ್ದ ಬೇಸಿಗೆ ಶಿಬಿರವನ್ನು ಉದ್ಘಾಟಿಸಿ ಮಾತನಾಡಿದ ಅವರು, ಮಕ್ಕಳು ಮೊಬೈಲ್ ಹಾಗೂ ಟಿವಿ ಗೀಳಿನಿಂದ ಹೊರಬಂದು ಆಟ, ಪಾಠ, ಸಂಗೀತ, ನೃತ್ಯ, ಚಿತ್ರಕಲೆ, ಯೋಗ ಮುಂತಾದ ಚಟುವಟಿಕೆಗಳಲ್ಲಿ ತೊಡಗಿಸಿಕೊಳ್ಳಬೇಕು. ಇದರಿಂದ ಮಕ್ಕಳಲ್ಲಿ ಆತ್ಮವಿಶ್ವಾಸ, ಸೃಜನಶೀಲತೆ ಮತ್ತು ಸಹಕಾರ ಮನೋಭಾವ ಬೆಳೆಯುತ್ತದೆ. ಮಕ್ಕಳ ಜೀವನ ಶೈಲಿಯನ್ನು ಬದಲಿಸುವ ಶಕ್ತಿ ಬೇಸಿಗೆ ಶಿಬಿರಗಳಿಗೆ ಇದೆ. ಪೋಷಕರು ತಮ್ಮ ಮಕ್ಕಳನ್ನು ಇಂತಹ ಶಿಬಿರಗಳಿಗೆ ಕಳುಹಿಸುವ ಮೂಲಕ ಅವರ ಸರ್ವಾಂಗೀಣ ಬೆಳವಣಿಗೆಗೆ ಸಹಕರಿಸಬೇಕು ಎಂದರು. ಶಿಬಿರದಲ್ಲಿ ಕಥೆ ಹೇಳುವುದು, ಕರಕುಶಲ ಕಲೆ, ರಂಗಭೂಮಿ, ವಿಜ್ಞಾನ ಪ್ರಯೋಗಗಳು, ಪರಿಸರ ಜಾಗೃತಿ, ವ್ಯಕ್ತಿತ್ವ ವಿಕಸನ ಮುಂತಾದ ಚಟುವಟಿಕೆಗಳನ್ನು ಹಮ್ಮಿಕೊಳ್ಳಲಾಗಿದೆ. ನುರಿತ ಸಂಪನ್ಮೂಲ ವ್ಯಕ್ತಿಗಳು ಮಕ್ಕಳಿಗೆ ತರಬೇತಿ ನೀಡಲಿದ್ದಾರೆ. ಕಾರ್ಯಕ್ರಮದಲ್ಲಿ ಸಂಸ್ಥೆಯ ಅಧ್ಯಕ್ಷರು, ಮುಖ್ಯ ಶಿಕ್ಷಕರು, ಸಂಪನ್ಮೂಲ ವ್ಯಕ್ತಿಗಳು, ಪೋಷಕರು ಹಾಗೂ ಮಕ್ಕಳು ಭಾಗವಹಿಸಿದ್ದರು. ಶಿಬಿರವು ಮೇ ತಿಂಗಳ ಅಂತ್ಯದವರೆಗೆ ನಡೆಯಲಿದ್ದು, ಆಸಕ್ತ ಮಕ್ಕಳು ಹೆಸರು ನೋಂದಾಯಿಸಿಕೊಳ್ಳಬಹುದು ಎಂದು ಆಯೋಜಕರು ತಿಳಿಸಿದರು. ಶಿಬಿರದ ಸಮಾರೋಪ ಸಮಾರಂಭದಲ್ಲಿ ಮಕ್ಕಳ ಪ್ರತಿಭಾ ಪ್ರದರ್ಶನ ಏರ್ಪಡಿಸಲಾಗುವುದು. ಗ್ರಾಮೀಣ ಭಾಗದ ಮಕ್ಕಳಿಗೂ ಇದರ ಪ್ರಯೋಜನ ದೊರೆಯಲಿ ಎಂಬ ಉದ್ದೇಶದಿಂದ ಉಚಿತ ಪ್ರವೇಶ ನೀಡಲಾಗಿದೆ ಎಂದು ತಿಳಿಸಿದರು.
ಪ್ರಾಥಮಿಕ ಆರೋಗ್ಯ ಕೇಂದ್ರಗಳಿಗೆ 20 ಇ-ಬೈಕ್‌ಗಳ ವಿತರಣೆ
ಚಿಕ್ಕಬಳ್ಳಾಪುರ: ಜಿಲ್ಲಾಡಳಿತ, ಜಿಲ್ಲಾ ಆರೋಗ್ಯ ಮತ್ತು ಕುಟುಂಬ ಕಲ್ಯಾಣ ಇಲಾಖೆ, ಚಿಕ್ಕಬಳ್ಳಾಪುರ ಹಾಗೂ ಯುನೈಟೆಡ್ ವೇ ಬೆಂಗಳೂರು (ಸ್ವಾಹ) ಪ್ಲ್ಯಾಟ್ ಫಾರ್ಮ್ ಆಫ್ ಡೆವಲಪ್‌ಮೆಂಟ್ ಸಂಯುಕ್ತಾಶ್ರಯದಲ್ಲಿ ಪ್ರಾಥಮಿಕ ಆರೋಗ್ಯ ಕೇಂದ್ರಗಳಿಗೆ 20 ಇ-ಬೈಕ್‌ಗಳನ್ನು ವಿತರಿಸಲಾಯಿತು. ಬುಧವಾರ ನಗರದ ಜಿಲ್ಲಾಡಳಿತ ಭವನದ ಆವರಣದಲ್ಲಿ ಜಿಲ್ಲಾಧಿಕಾರಿ ಪಿ.ಎನ್. ರವೀಂದ್ರ ರವರು ಸಾಂಕೇತಿಕವಾಗಿ ಇ-ಬೈಕ್ ಗಳನ್ನು ಹಸ್ತಾಂತರಿಸಿದರು. ಚಿಕ್ಕಬಳ್ಳಾಪುರ ತಾಲ್ಲೂಕಿಗೆ-4, ಚಿಂತಾಮಣಿ-6, ಗೌರಿಬಿದನೂರು-4, ಗುಡಿಬಂಡೆ-2 ಮತ್ತು ಶಿಡ್ಲಘಟ್ಟ ತಾಲ್ಲೂಕಿಗೆ-4 ಒಟ್ಟು 20 ಇ-ಬೈಕ್ ಗಳನ್ನು ವಿತರಿಸಲಾಯಿತು. ಗ್ರಾಮೀಣ ಪ್ರದೇಶದ ಆರೋಗ್ಯ ಸೇವೆಗಳನ್ನು ಬಲಪಡಿಸಲು ಈ ವಾಹನಗಳು ನೆರವಾಗಲಿವೆ. ಆರೋಗ್ಯ ಕಾರ್ಯಕರ್ತರು ಮನೆ ಮನೆಗೆ ತೆರಳಿ ಸೇವೆ ಒದಗಿಸಲು ಇ-ಬೈಕ್ ಗಳು ಸಹಕಾರಿಯಾಗಲಿವೆ. ಪರಿಸರ ಸ್ನೇಹಿ ವಾಹನಗಳಾಗಿರುವುದರಿಂದ ಇಂಧನ ವೆಚ್ಚವೂ ಕಡಿಮೆಯಾಗಲಿದೆ ಎಂದು ಜಿಲ್ಲಾಧಿಕಾರಿ ತಿಳಿಸಿದರು. ಯುನೈಟೆಡ್ ವೇ ಬೆಂಗಳೂರು (ಸ್ವಾಹ) ಯುನೈಟೆಡ್ ವೇ ವರ್ಲ್ಡ್ ವೈಡ್‌ನ ಒಂದು ಭಾಗವಾಗಿದ್ದು, ಸುಮಾರು 37 ದೇಶಗಳಲ್ಲಿ 1,100 ಕ್ಕೂ ಹೆಚ್ಚು ಅಧ್ಯಾಯಗಳನ್ನು ಹೊಂದಿರುವ ಸಂಸ್ಥೆಯಾಗಿದೆ. ಆರೋಗ್ಯ, ಶಿಕ್ಷಣ, ಪರಿಸರ ಮತ್ತು ಜೀವನೋಪಾಯ ಕ್ಷೇತ್ರಗಳಲ್ಲಿ ಕೆಲಸ ಮಾಡುತ್ತಿದೆ. ಈ ಸಂದರ್ಭದಲ್ಲಿ ಜಿಲ್ಲಾ ಪಂಚಾಯಿತಿ ಮುಖ್ಯ ಕಾರ್ಯನಿರ್ವಾಹಕ ಅಧಿಕಾರಿ, ಜಿಲ್ಲಾ ಆರೋಗ್ಯಾಧಿಕಾರಿ, ಯುನೈಟೆಡ್ ವೇ ಸಂಸ್ಥೆಯ ಪದಾಧಿಕಾರಿಗಳು ಹಾಗೂ ಆರೋಗ್ಯ ಇಲಾಖೆಯ ಸಿಬ್ಬಂದಿ ಉಪಸ್ಥಿತರಿದ್ದರು.
ಜಿಲ್ಲಾಡಳಿತ, ಜಿಲ್ಲಾ ಆರೋಗ್ಯ ಮತ್ತು ಕುಟುಂಬ ಕಲ್ಯಾಣ ಇಲಾಖೆ, ಚಿಕ್ಕಬಳ್ಳಾಪುರ ಹಾಗೂ ಯುನೈಟೆಡ್ ವೇ ಬೆಂಗಳೂರು (ಸ್ವಾಹ) ಪ್ಲ್ಯಾಟ್ ಫಾರ್ಮ್ ಆಫ್ ಡೆವಲಪ್‌ಮೆಂಟ್ ಸಂಯುಕ್ತಾಶ್ರಯದಲ್ಲಿ ಪ್ರಾಥಮಿಕ ಆರೋಗ್ಯ ಕೇಂದ್ರಗಳಿಗೆ 20 ಇ-ಬೈಕ್‌ಗಳನ್ನು ವಿತರಿಸಲಾಯಿತು. ಬುಧವಾರ ನಗರದ ಜಿಲ್ಲಾಡಳಿತ ಭವನದ ಆವರಣದಲ್ಲಿ ಜಿಲ್ಲಾಧಿಕಾರಿ ಪಿ.ಎನ್. ರವೀಂದ್ರ ರವರು ಸಾಂಕೇತಿಕವಾಗಿ ಇ-ಬೈಕ್ ಗಳನ್ನು ಹಸ್ತಾಂತರಿಸಿದರು. ಚಿಕ್ಕಬಳ್ಳಾಪುರ ತಾಲ್ಲೂಕಿಗೆ-4, ಚಿಂತಾಮಣಿ-6, ಗೌರಿಬಿದನೂರು-4, ಗುಡಿಬಂಡೆ-2 ಮತ್ತು ಶಿಡ್ಲಘಟ್ಟ ತಾಲ್ಲೂಕಿಗೆ-4 ಒಟ್ಟು 20 ಇ-ಬೈಕ್ ಗಳನ್ನು ವಿತರಿಸಲಾಯಿತು. ಗ್ರಾಮೀಣ ಪ್ರದೇಶದ ಆರೋಗ್ಯ ಸೇವೆಗಳನ್ನು ಬಲಪಡಿಸಲು ಈ ವಾಹನಗಳು ನೆರವಾಗಲಿವೆ. ಆರೋಗ್ಯ ಕಾರ್ಯಕರ್ತರು ಮನೆ ಮನೆಗೆ ತೆರಳಿ ಸೇವೆ ಒದಗಿಸಲು ಇ-ಬೈಕ್ ಗಳು ಸಹಕಾರಿಯಾಗಲಿವೆ. ಪರಿಸರ ಸ್ನೇಹಿ ವಾಹನಗಳಾಗಿರುವುದರಿಂದ ಇಂಧನ ವೆಚ್ಚವೂ ಕಡಿಮೆಯಾಗಲಿದೆ ಎಂದು ಜಿಲ್ಲಾಧಿಕಾರಿ ತಿಳಿಸಿದರು. ಯುನೈಟೆಡ್ ವೇ ಬೆಂಗಳೂರು (ಸ್ವಾಹ) ಯುನೈಟೆಡ್ ವೇ ವರ್ಲ್ಡ್ ವೈಡ್‌ನ ಒಂದು ಭಾಗವಾಗಿದ್ದು, ಸುಮಾರು 37 ದೇಶಗಳಲ್ಲಿ 1,100 ಕ್ಕೂ ಹೆಚ್ಚು ಅಧ್ಯಾಯಗಳನ್ನು ಹೊಂದಿರುವ ಸಂಸ್ಥೆಯಾಗಿದೆ. ಆರೋಗ್ಯ, ಶಿಕ್ಷಣ, ಪರಿಸರ ಮತ್ತು ಜೀವನೋಪಾಯ ಕ್ಷೇತ್ರಗಳಲ್ಲಿ ಕೆಲಸ ಮಾಡುತ್ತಿದೆ. ಈ ಸಂದರ್ಭದಲ್ಲಿ ಜಿಲ್ಲಾ ಪಂಚಾಯಿತಿ ಮುಖ್ಯ ಕಾರ್ಯನಿರ್ವಾಹಕ ಅಧಿಕಾರಿ, ಜಿಲ್ಲಾ ಆರೋಗ್ಯಾಧಿಕಾರಿ, ಯುನೈಟೆಡ್ ವೇ ಸಂಸ್ಥೆಯ ಪದಾಧಿಕಾರಿಗಳು ಹಾಗೂ ಆರೋಗ್ಯ ಇಲಾಖೆಯ ಸಿಬ್ಬಂದಿ ಉಪಸ್ಥಿತರಿದ್ದರು.
6 ನೇ ತರಗತಿ ಪ್ರವೇಶಕ್ಕೆ ಅರ್ಜಿ
ಚಿಕ್ಕಬಳ್ಳಾಪುರ: 2025-2026 ನೇ ಸಾಲಿನಲ್ಲಿ ಚಿಕ್ಕಬಳ್ಳಾಪುರ ಜಿಲ್ಲೆಯ ಪ್ರತಿಷ್ಠಿತ ಶಾಲೆಗಳಿಗೆ 6 ನೇ ತರಗತಿ ಪ್ರವೇಶಕ್ಕಾಗಿ ಅರ್ಜಿ ಆಹ್ವಾನಿಸಲಾಗಿದೆ. ಸರ್ಕಾರದ ಯೋಜನೆಯಡಿ ಪರಿಶಿಷ್ಟ ಜಾತಿ, ಪರಿಶಿಷ್ಟ ಪಂಗಡ, ಪ್ರವರ್ಗ-1 ಹಾಗೂ ಇತರೆ ಹಿಂದುಳಿದ ವರ್ಗಗಳ ವಿದ್ಯಾರ್ಥಿಗಳು ಅರ್ಜಿ ಸಲ್ಲಿಸಬಹುದು. ಅರ್ಜಿ ಸಲ್ಲಿಸಲು ಮೇ 3 ಕೊನೆಯ ದಿನವಾಗಿದ್ದು, ಅರ್ಜಿಯೊಂದಿಗೆ ಜಾತಿ ಮತ್ತು ಆದಾಯ ಪ್ರಮಾಣ ಪತ್ರ, ಆಧಾರ್ ಕಾರ್ಡ್, 5 ನೇ ತರಗತಿಯ ಅಂಕಪಟ್ಟಿ, ಬ್ಯಾಂಕ್ ಖಾತೆ ಪುಸ್ತಕದ ಪ್ರತಿಯನ್ನು ಲಗತ್ತಿಸಬೇಕು. ವಾರ್ಷಿಕ ಆದಾಯ 2.50 ಲಕ್ಷ ರೂ.ಗಳ ಮಿತಿಯೊಳಗಿರಬೇಕು. ವಿದ್ಯಾರ್ಥಿಗಳ ಆಯ್ಕೆಯನ್ನು ಮೆರಿಟ್ ಮತ್ತು ಮೀಸಲಾತಿ ಆಧಾರದ ಮೇಲೆ ನಡೆಸಲಾಗುವುದು. ಹೆಚ್ಚಿನ ಮಾಹಿತಿಗಾಗಿ ಜಿಲ್ಲಾ ಸಮಾಜ ಕಲ್ಯಾಣ ಇಲಾಖೆ ಅಥವಾ ತಾಲ್ಲೂಕು ಸಮಾಜ ಕಲ್ಯಾಣ ಅಧಿಕಾರಿಗಳ ಕಚೇರಿಯನ್ನು ಸಂಪರ್ಕಿಸಬಹುದು. ಪ್ರವೇಶ ಪಡೆದ ವಿದ್ಯಾರ್ಥಿಗಳಿಗೆ ಉಚಿತ ಶಿಕ್ಷಣ, ವಸತಿ, ಊಟ ಹಾಗೂ ಪಠ್ಯಪುಸ್ತಕ ಸೌಲಭ್ಯ ಒದಗಿಸಲಾಗುವುದು. ಪೋಷಕರು ಮತ್ತು ವಿದ್ಯಾರ್ಥಿಗಳು ಈ ಅವಕಾಶದ ಸದುಪಯೋಗ ಪಡೆಯಬೇಕೆಂದು ಜಿಲ್ಲಾ ಸಮಾಜ ಕಲ್ಯಾಣ ಅಧಿಕಾರಿಗಳು ಪ್ರಕಟಣೆಯಲ್ಲಿ ತಿಳಿಸಿದ್ದಾರೆ.
ಪ್ರತಿಷ್ಠಿತ ಶಾಲೆಗಳ ವಿವರ
ಶ್ರೀ ಬಾಲಗಂಗಾಧರನಾಥ ಸ್ವಾಮೀಜಿ ಕನ್ನಡ ಮತ್ತು ಆಂಗ್ಲ ಮಾಧ್ಯಮ ಶಾಲೆ, ಬಿಜಿಎಸ್ ಅಂತರರಾಷ್ಟ್ರೀಯ ವಸತಿ ಶಾಲೆ, ಆಗಲಗುರ್ಕಿ, ಚಿಕ್ಕಬಳ್ಳಾಪುರ. ಶ್ರೀ ಬಾಲಗಂಗಾಧರನಾಥ ಸ್ವಾಮೀಜಿ ಗ್ರಾಮಾಂತರ ಪ್ರೌಢಶಾಲೆ, ಆಗಲಗುರ್ಕಿ, ಚಿಕ್ಕಬಳ್ಳಾಪುರ. ಎಸ್.ಜೆ.ಸಿ.ಆರ್ ವಸತಿ ಶಾಲೆ, ಚಿಂತಾಮಣಿ. ಸಿದ್ಧಾರ್ಥ ಆಂಗ್ಲ ಮಾಧ್ಯಮ ಶಾಲೆ, ಗೌರಿಬಿದನೂರು. ಪೂರ್ಣಪ್ರಜ್ಞ ವಿದ್ಯಾಪೀಠ, ಶಿಡ್ಲಘಟ್ಟ. ಶ್ರೀ ಸತ್ಯಸಾಯಿ ಲೋಕಸೇವಾ ವಸತಿ ಶಾಲೆ, ಮುದ್ದೇನಹಳ್ಳಿ. ಶ್ರೀ ಅರವಿಂದೋ ವಿದ್ಯಾ ಕೇಂದ್ರ, ಬಾಗೇಪಲ್ಲಿ. ಸೇಂಟ್ ಆನ್ಸ್ ಕಾನ್ವೆಂಟ್ ಶಾಲೆ, ಗುಡಿಬಂಡೆ. ಕ್ರೈಸ್ಟ್ ವಿದ್ಯಾನಿಕೇತನ, ಚಿಕ್ಕಬಳ್ಳಾಪುರ. ಮೇಲಿನ ಶಾಲೆಗಳಲ್ಲಿ ಪ್ರವೇಶ ಪಡೆಯಲು ಇಚ್ಛಿಸುವ ವಿದ್ಯಾರ್ಥಿಗಳು ನಿಗದಿತ ನಮೂನೆಯಲ್ಲಿ ಅರ್ಜಿ ಸಲ್ಲಿಸಬೇಕು. ಆಯ್ಕೆಯಾದ ವಿದ್ಯಾರ್ಥಿಗಳ ಪಟ್ಟಿಯನ್ನು ಇಲಾಖೆಯ ಸೂಚನಾ ಫಲಕದಲ್ಲಿ ಪ್ರಕಟಿಸಲಾಗುವುದು. ಕುಟುಂಬದ ವಾರ್ಷಿಕ ಆದಾಯ ರೂ. 2.00 ಲಕ್ಷದ ಒಳಗಿರಬೇಕು. 2025-26 ನೇ ಸಾಲಿನಲ್ಲಿ 5 ನೇ ತರಗತಿಯಲ್ಲಿ ವ್ಯಾಸಂಗ ಮಾಡುತ್ತಿರುವ ವಿದ್ಯಾರ್ಥಿಗಳು ಅರ್ಹರಾಗಿರುತ್ತಾರೆ. ಹೆಚ್ಚಿನ ಮಾಹಿತಿಗಾಗಿ ಇಲಾಖೆಯ ಕಚೇರಿಯನ್ನು ಸಂಪರ್ಕಿಸಲು ಕೋರಲಾಗಿದೆ.
